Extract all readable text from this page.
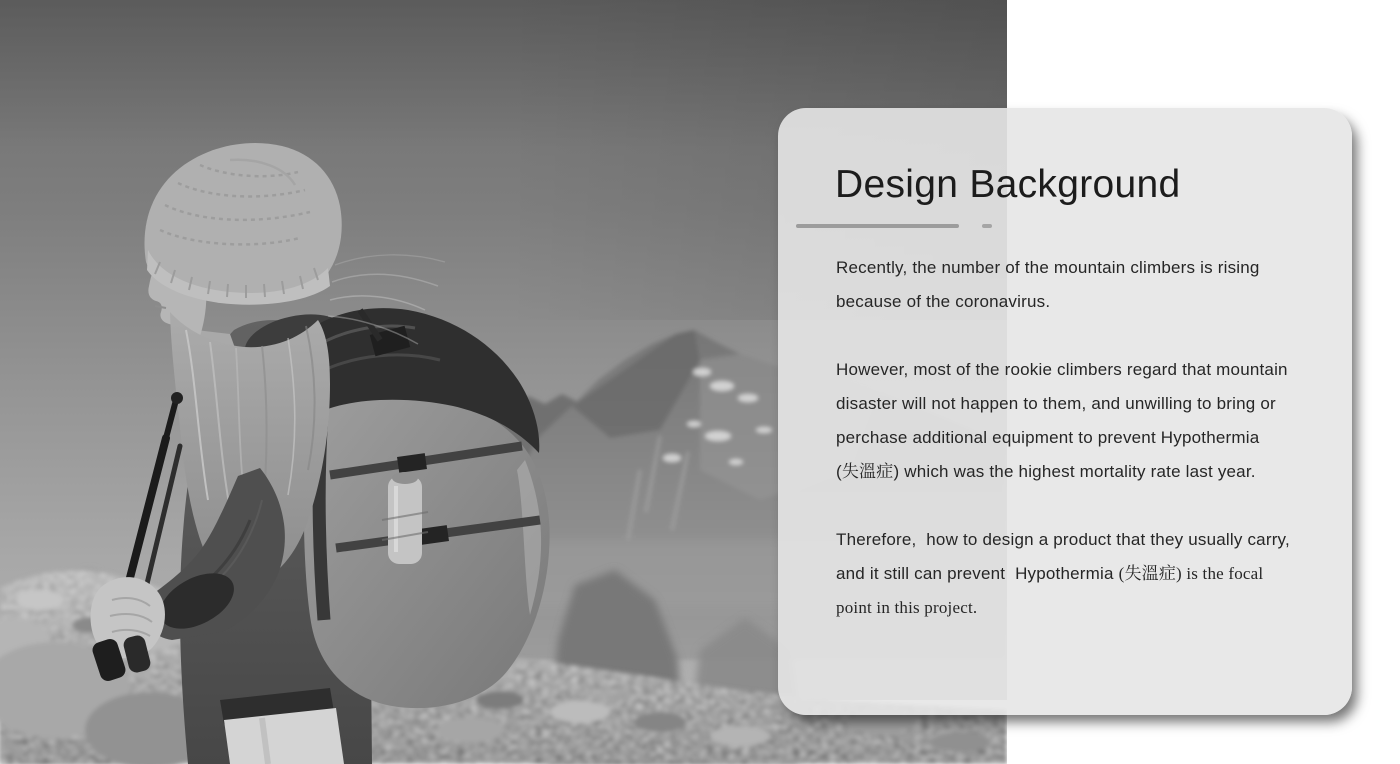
Design Background

Recently, the number of the mountain climbers is rising
because of the coronavirus.

However, most of the rookie climbers regard that mountain
disaster will not happen to them, and unwilling to bring or
perchase additional equipment to prevent Hypothermia
(失溫症) which was the highest mortality rate last year.

Therefore,  how to design a product that they usually carry,
and it still can prevent  Hypothermia (失溫症) is the focal
point in this project.
